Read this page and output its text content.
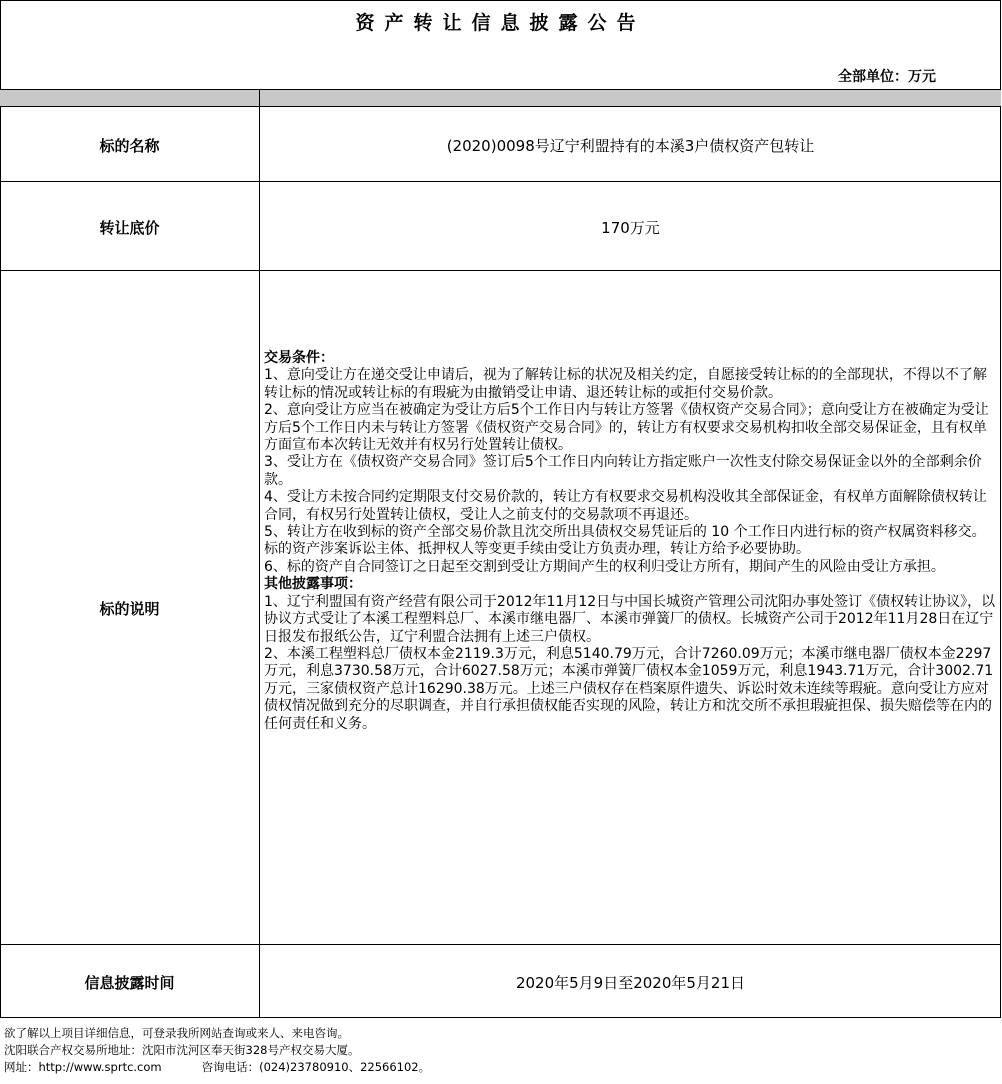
资产转让信息披露公告
全部单位：万元
标的名称	(2020)0098号辽宁利盟持有的本溪3户债权资产包转让
转让底价	170万元
标的说明
交易条件：
1、意向受让方在递交受让申请后，视为了解转让标的状况及相关约定，自愿接受转让标的的全部现状，不得以不了解转让标的情况或转让标的有瑕疵为由撤销受让申请、退还转让标的或拒付交易价款。
2、意向受让方应当在被确定为受让方后5个工作日内与转让方签署《债权资产交易合同》；意向受让方在被确定为受让方后5个工作日内未与转让方签署《债权资产交易合同》的，转让方有权要求交易机构扣收全部交易保证金，且有权单方面宣布本次转让无效并有权另行处置转让债权。
3、受让方在《债权资产交易合同》签订后5个工作日内向转让方指定账户一次性支付除交易保证金以外的全部剩余价款。
4、受让方未按合同约定期限支付交易价款的，转让方有权要求交易机构没收其全部保证金，有权单方面解除债权转让合同，有权另行处置转让债权，受让人之前支付的交易款项不再退还。
5、转让方在收到标的资产全部交易价款且沈交所出具债权交易凭证后的 10 个工作日内进行标的资产权属资料移交。标的资产涉案诉讼主体、抵押权人等变更手续由受让方负责办理，转让方给予必要协助。
6、标的资产自合同签订之日起至交割到受让方期间产生的权利归受让方所有，期间产生的风险由受让方承担。
其他披露事项：
1、辽宁利盟国有资产经营有限公司于2012年11月12日与中国长城资产管理公司沈阳办事处签订《债权转让协议》，以协议方式受让了本溪工程塑料总厂、本溪市继电器厂、本溪市弹簧厂的债权。长城资产公司于2012年11月28日在辽宁日报发布报纸公告，辽宁利盟合法拥有上述三户债权。
2、本溪工程塑料总厂债权本金2119.3万元，利息5140.79万元，合计7260.09万元；本溪市继电器厂债权本金2297万元，利息3730.58万元，合计6027.58万元；本溪市弹簧厂债权本金1059万元，利息1943.71万元，合计3002.71万元，三家债权资产总计16290.38万元。上述三户债权存在档案原件遗失、诉讼时效未连续等瑕疵。意向受让方应对债权情况做到充分的尽职调查，并自行承担债权能否实现的风险，转让方和沈交所不承担瑕疵担保、损失赔偿等在内的任何责任和义务。
信息披露时间	2020年5月9日至2020年5月21日
欲了解以上项目详细信息，可登录我所网站查询或来人、来电咨询。
沈阳联合产权交易所地址：沈阳市沈河区奉天街328号产权交易大厦。
网址：http://www.sprtc.com	咨询电话：(024)23780910、22566102。
